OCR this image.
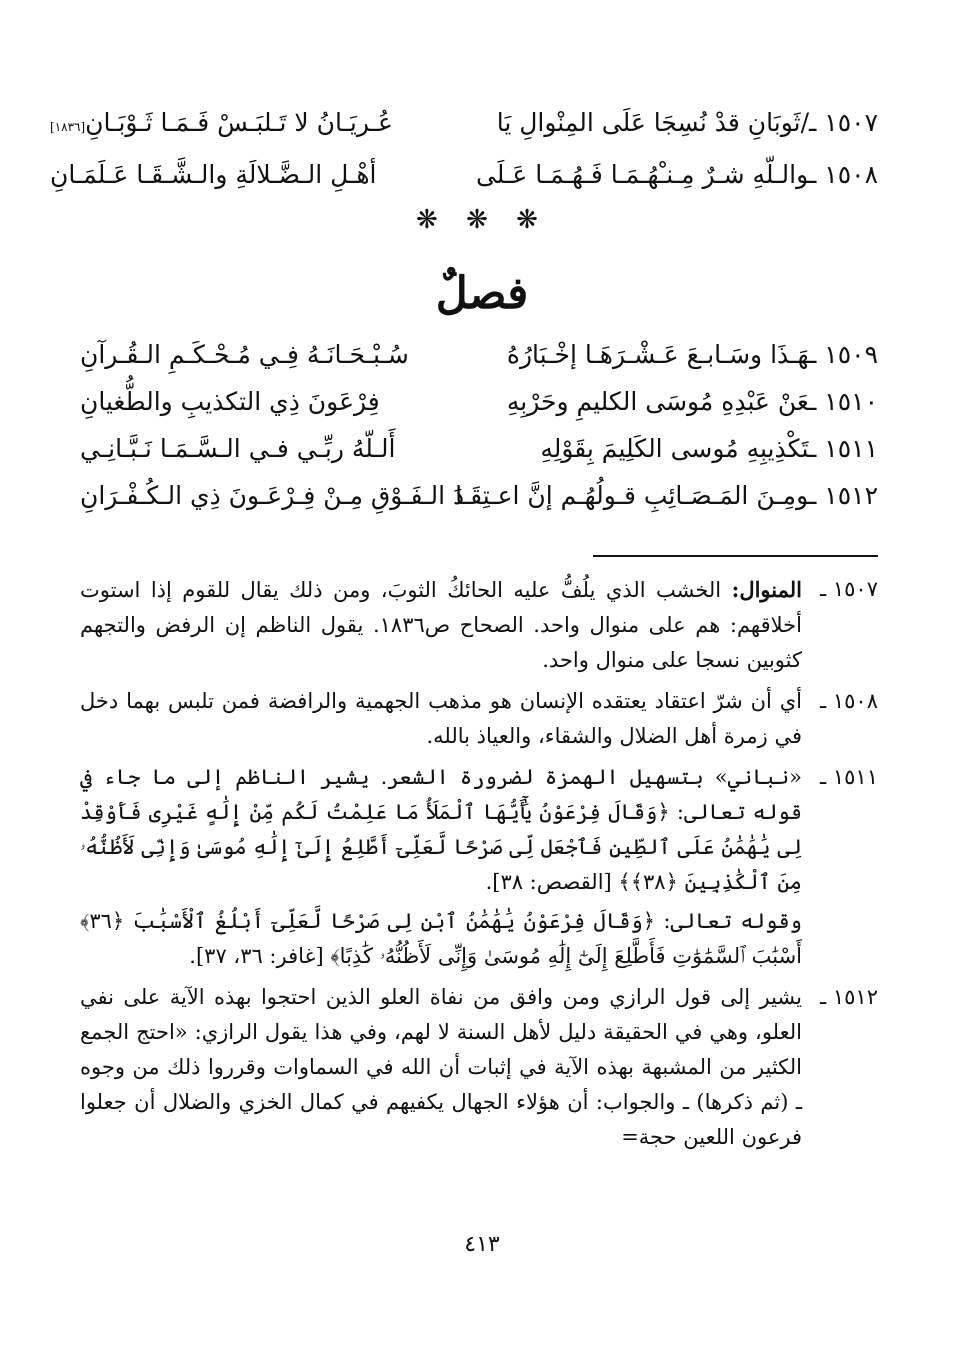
١٥٠٧ ـ/ثَوبَانِ قدْ نُسِجَا عَلَى المِنْوالِ يَا
عُـريَـانُ لا تَـلبَـسْ فَـمَـا ثَـوْبَـانِ[١٨٣٦]
١٥٠٨ ـوالـلّهِ شـرٌ مِـنـْهُـمَـا فَـهُـمَـا عَـلَى
أهْـلِ الـضَّـلالَةِ والـشَّـقَـا عَـلَمَـانِ
❋ ❋ ❋
فصلٌ
١٥٠٩ ـهَـذَا وسَـابـعَ عَـشْـرَهَـا إخْـبَارُهُ
سُـبْـحَـانَـهُ فِـي مُـحْـكَـمِ الـقُـرآنِ
١٥١٠ ـعَنْ عَبْدِهِ مُوسَى الكليمِ وحَرْبِهِ
فِرْعَونَ ذِي التكذيبِ والطُّغيانِ
١٥١١ ـتَكْذِيبِهِ مُوسى الكَلِيمَ بِقَوْلِهِ
أَلـلّهُ ربِّـي فـي الـسَّـمَـا نَـبَّـانِـي
١٥١٢ ـومِـنَ المَـصَـائِبِ قـولُهُـم إنَّ اعـتِقَـا
دَ الـفَـوْقِ مِـنْ فِـرْعَـونَ ذِي الـكُـفْـرَانِ
١٥٠٧ ـ
المنوال: الخشب الذي يلُفُّ عليه الحائكُ الثوبَ، ومن ذلك يقال للقوم إذا استوت أخلاقهم: هم على منوال واحد. الصحاح ص١٨٣٦. يقول الناظم إن الرفض والتجهم كثوبين نسجا على منوال واحد.
١٥٠٨ ـ
أي أن شرّ اعتقاد يعتقده الإنسان هو مذهب الجهمية والرافضة فمن تلبس بهما دخل في زمرة أهل الضلال والشقاء، والعياذ بالله.
١٥١١ ـ
«نباني» بتسهيل الهمزة لضرورة الشعر. يشير الناظم إلى ما جاء في قوله تعالى: ﴿وَقَالَ فِرْعَوْنُ يَٰٓأَيُّهَا ٱلْمَلَأُ مَا عَلِمْتُ لَكُم مِّنْ إِلَٰهٍ غَيْرِى فَأَوْقِدْ لِى يَٰهَٰمَٰنُ عَلَى ٱلطِّينِ فَٱجْعَل لِّى صَرْحًا لَّعَلِّىٓ أَطَّلِعُ إِلَىٰٓ إِلَٰهِ مُوسَىٰ وَإِنِّى لَأَظُنُّهُۥ مِنَ ٱلْكَٰذِبِينَ ﴿٣٨﴾﴾ [القصص: ٣٨].
وقوله تعالى: ﴿وَقَالَ فِرْعَوْنُ يَٰهَٰمَٰنُ ٱبْنِ لِى صَرْحًا لَّعَلِّىٓ أَبْلُغُ ٱلْأَسْبَٰبَ ﴿٣٦﴾ أَسْبَٰبَ ٱلسَّمَٰوَٰتِ فَأَطَّلِعَ إِلَىٰٓ إِلَٰهِ مُوسَىٰ وَإِنِّى لَأَظُنُّهُۥ كَٰذِبًا﴾ [غافر: ٣٦، ٣٧].
١٥١٢ ـ
يشير إلى قول الرازي ومن وافق من نفاة العلو الذين احتجوا بهذه الآية على نفي العلو، وهي في الحقيقة دليل لأهل السنة لا لهم، وفي هذا يقول الرازي: «احتج الجمع الكثير من المشبهة بهذه الآية في إثبات أن الله في السماوات وقرروا ذلك من وجوه ـ (ثم ذكرها) ـ والجواب: أن هؤلاء الجهال يكفيهم في كمال الخزي والضلال أن جعلوا فرعون اللعين حجة=
٤١٣
